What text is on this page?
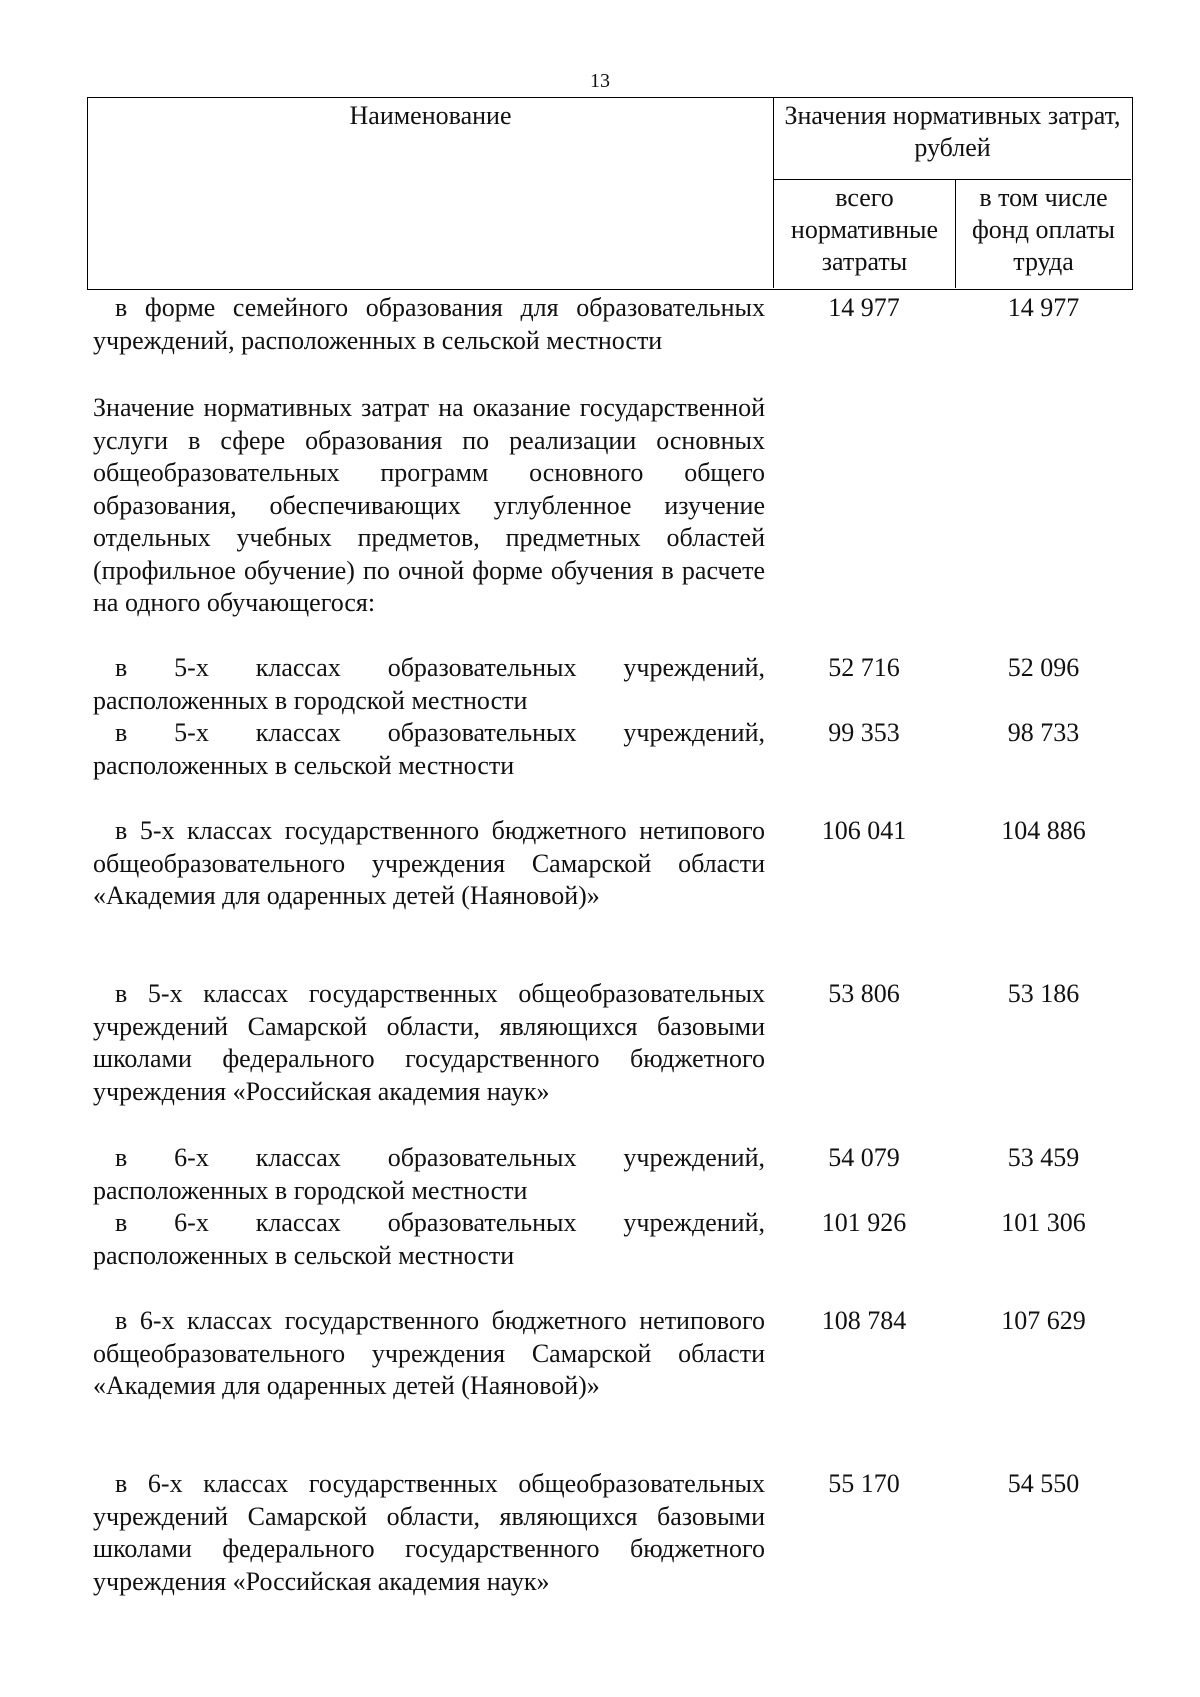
13
Наименование	Значения нормативных затрат, рублей
всего нормативные затраты
в том числе фонд оплаты труда
в форме семейного образования для образовательных учреждений, расположенных в сельской местности
14 977	14 977
Значение нормативных затрат на оказание государственной услуги в сфере образования по реализации основных общеобразовательных программ основного общего образования, обеспечивающих углубленное изучение отдельных учебных предметов, предметных областей (профильное обучение) по очной форме обучения в расчете на одного обучающегося:
в 5-х классах образовательных учреждений, расположенных в городской местности
52 716	52 096
в 5-х классах образовательных учреждений, расположенных в сельской местности
99 353	98 733
в 5-х классах государственного бюджетного нетипового общеобразовательного учреждения Самарской области «Академия для одаренных детей (Наяновой)»
106 041	104 886
в 5-х классах государственных общеобразовательных учреждений Самарской области, являющихся базовыми школами федерального государственного бюджетного учреждения «Российская академия наук»
53 806	53 186
в 6-х классах образовательных учреждений, расположенных в городской местности
54 079	53 459
в 6-х классах образовательных учреждений, расположенных в сельской местности
101 926	101 306
в 6-х классах государственного бюджетного нетипового общеобразовательного учреждения Самарской области «Академия для одаренных детей (Наяновой)»
108 784	107 629
в 6-х классах государственных общеобразовательных учреждений Самарской области, являющихся базовыми школами федерального государственного бюджетного учреждения «Российская академия наук»
55 170	54 550
